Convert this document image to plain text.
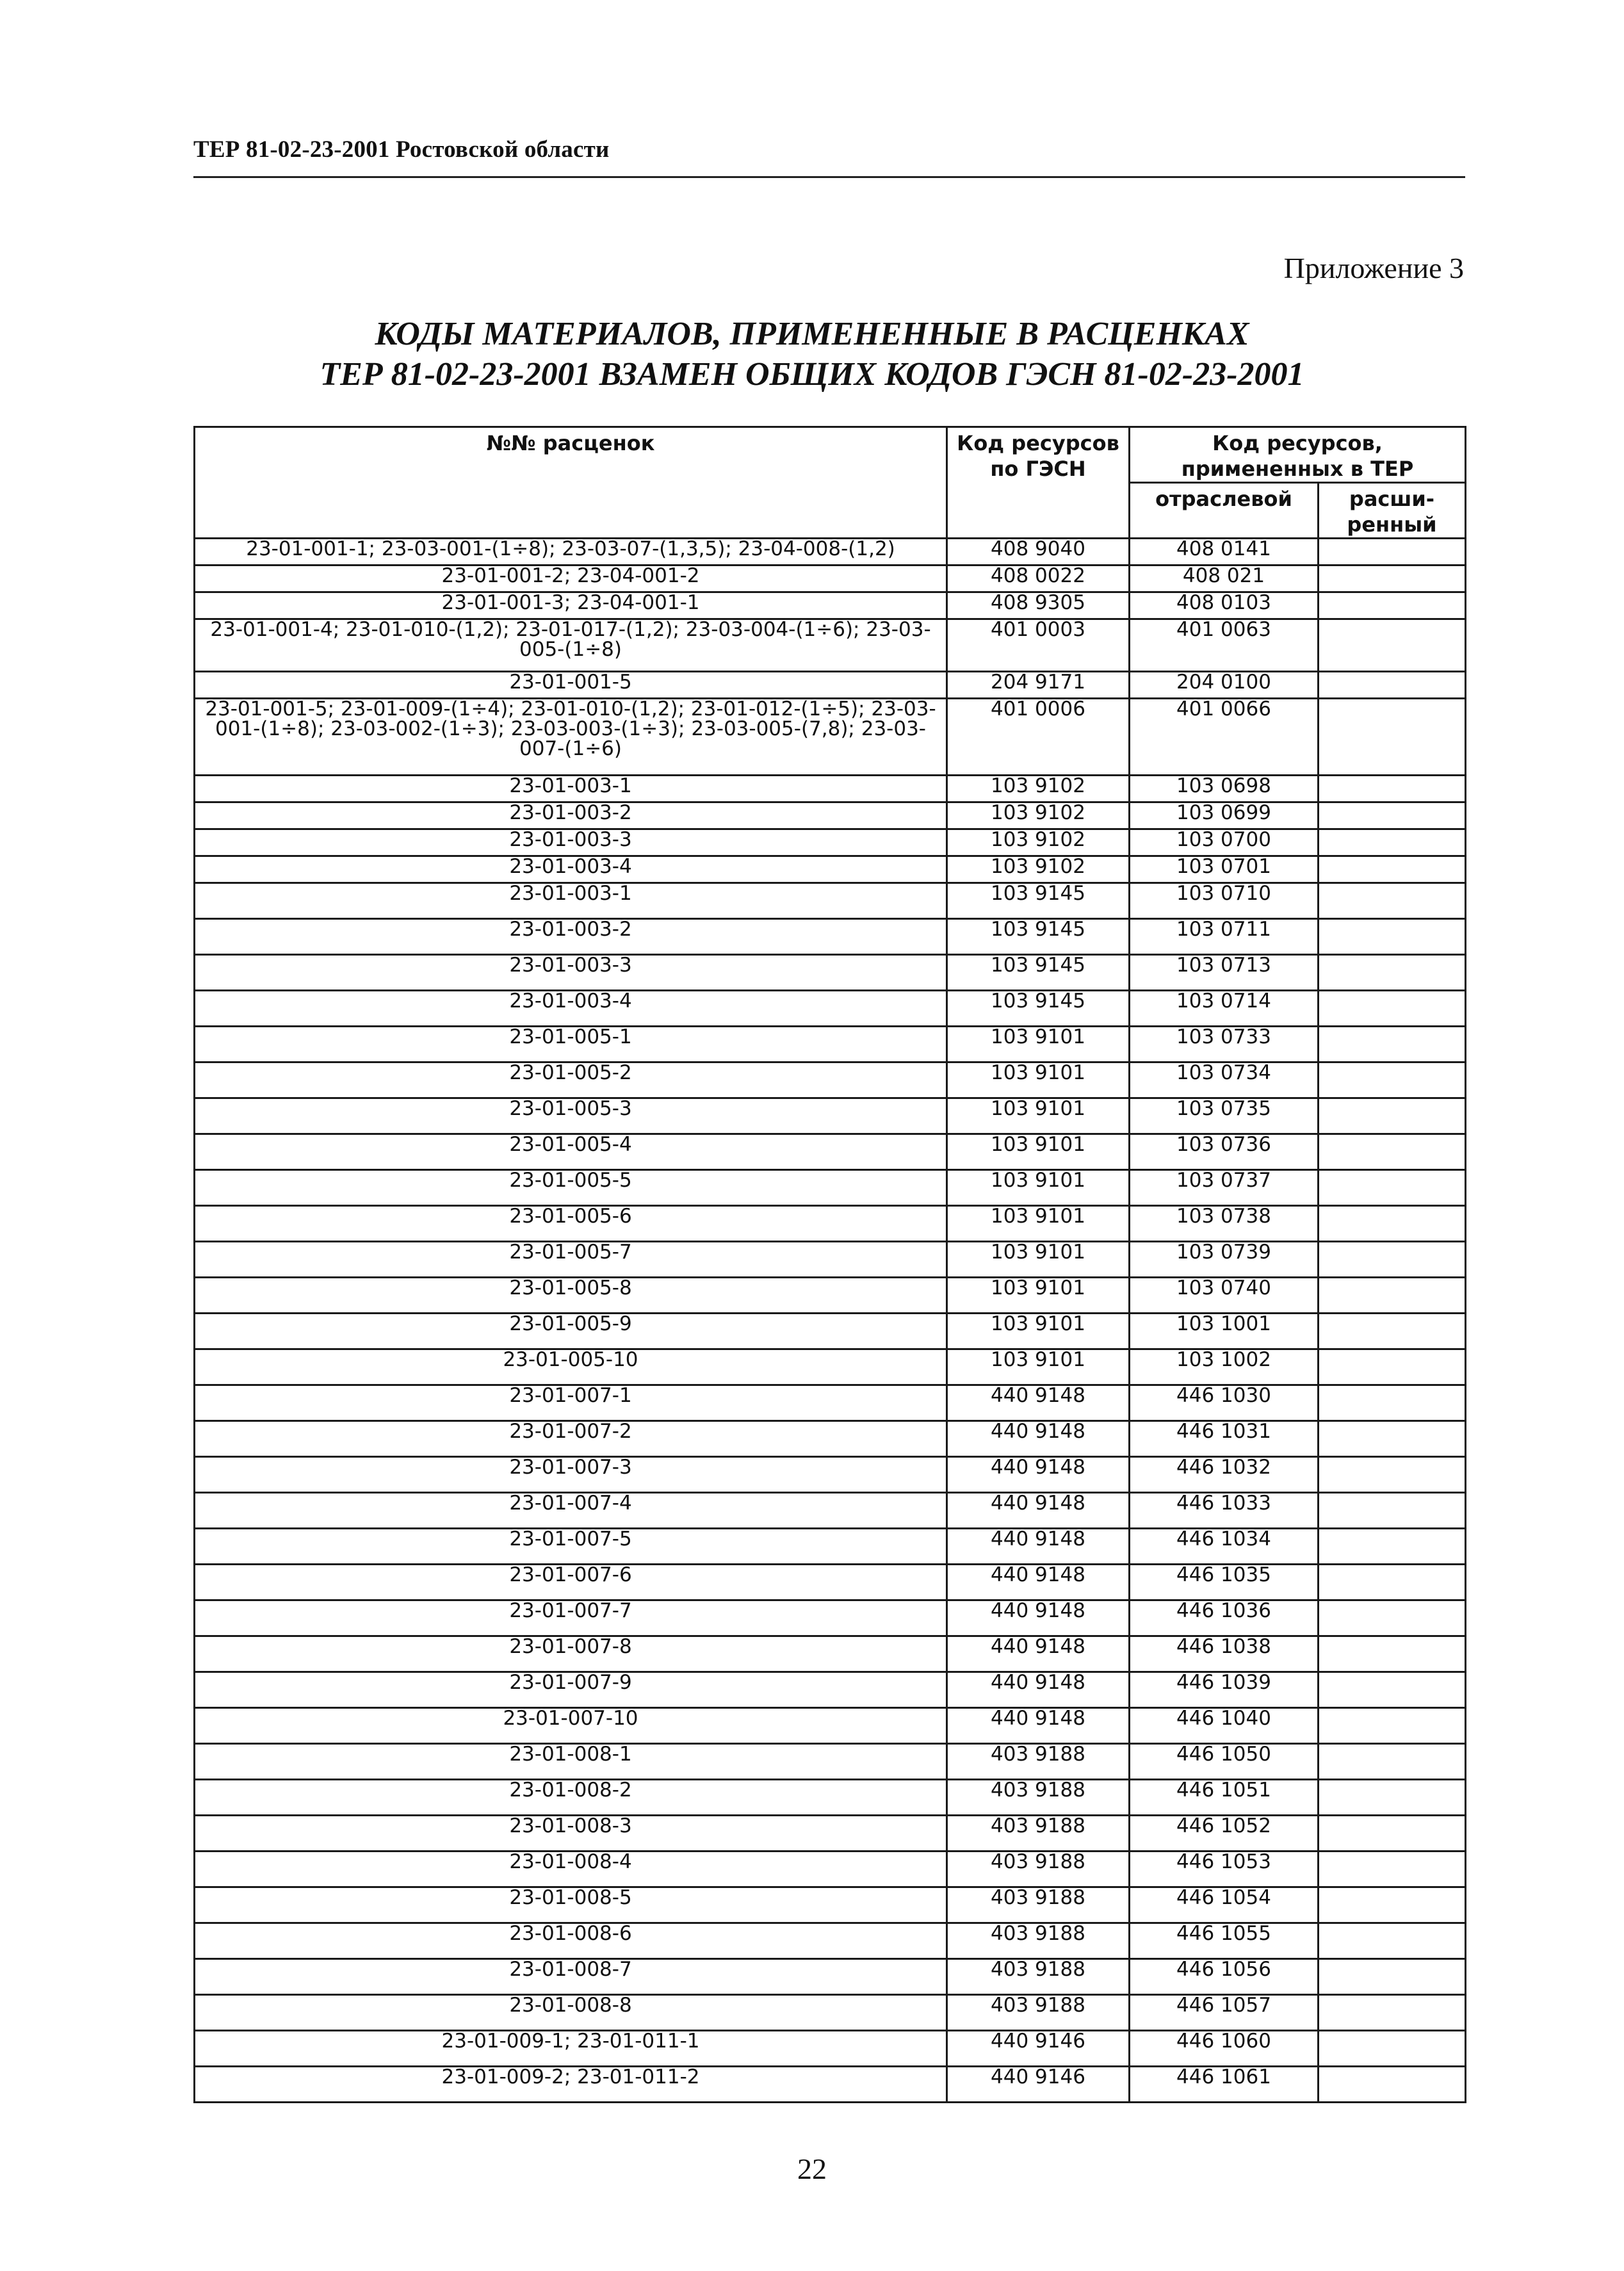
ТЕР 81-02-23-2001 Ростовской области
Приложение 3
КОДЫ МАТЕРИАЛОВ, ПРИМЕНЕННЫЕ В РАСЦЕНКАХ
ТЕР 81-02-23-2001 ВЗАМЕН ОБЩИХ КОДОВ ГЭСН 81-02-23-2001
№№ расценок	Код ресурсов по ГЭСН	Код ресурсов, примененных в ТЕР	
		отраслевой	расши-ренный
23-01-001-1; 23-03-001-(1÷8); 23-03-07-(1,3,5); 23-04-008-(1,2)	408 9040	408 0141	
23-01-001-2; 23-04-001-2	408 0022	408 021	
23-01-001-3; 23-04-001-1	408 9305	408 0103	
23-01-001-4; 23-01-010-(1,2); 23-01-017-(1,2); 23-03-004-(1÷6); 23-03-005-(1÷8)	401 0003	401 0063	
23-01-001-5	204 9171	204 0100	
23-01-001-5; 23-01-009-(1÷4); 23-01-010-(1,2); 23-01-012-(1÷5); 23-03-001-(1÷8); 23-03-002-(1÷3); 23-03-003-(1÷3); 23-03-005-(7,8); 23-03-007-(1÷6)	401 0006	401 0066	
23-01-003-1	103 9102	103 0698	
23-01-003-2	103 9102	103 0699	
23-01-003-3	103 9102	103 0700	
23-01-003-4	103 9102	103 0701	
23-01-003-1	103 9145	103 0710	
23-01-003-2	103 9145	103 0711	
23-01-003-3	103 9145	103 0713	
23-01-003-4	103 9145	103 0714	
23-01-005-1	103 9101	103 0733	
23-01-005-2	103 9101	103 0734	
23-01-005-3	103 9101	103 0735	
23-01-005-4	103 9101	103 0736	
23-01-005-5	103 9101	103 0737	
23-01-005-6	103 9101	103 0738	
23-01-005-7	103 9101	103 0739	
23-01-005-8	103 9101	103 0740	
23-01-005-9	103 9101	103 1001	
23-01-005-10	103 9101	103 1002	
23-01-007-1	440 9148	446 1030	
23-01-007-2	440 9148	446 1031	
23-01-007-3	440 9148	446 1032	
23-01-007-4	440 9148	446 1033	
23-01-007-5	440 9148	446 1034	
23-01-007-6	440 9148	446 1035	
23-01-007-7	440 9148	446 1036	
23-01-007-8	440 9148	446 1038	
23-01-007-9	440 9148	446 1039	
23-01-007-10	440 9148	446 1040	
23-01-008-1	403 9188	446 1050	
23-01-008-2	403 9188	446 1051	
23-01-008-3	403 9188	446 1052	
23-01-008-4	403 9188	446 1053	
23-01-008-5	403 9188	446 1054	
23-01-008-6	403 9188	446 1055	
23-01-008-7	403 9188	446 1056	
23-01-008-8	403 9188	446 1057	
23-01-009-1; 23-01-011-1	440 9146	446 1060	
23-01-009-2; 23-01-011-2	440 9146	446 1061	
22
